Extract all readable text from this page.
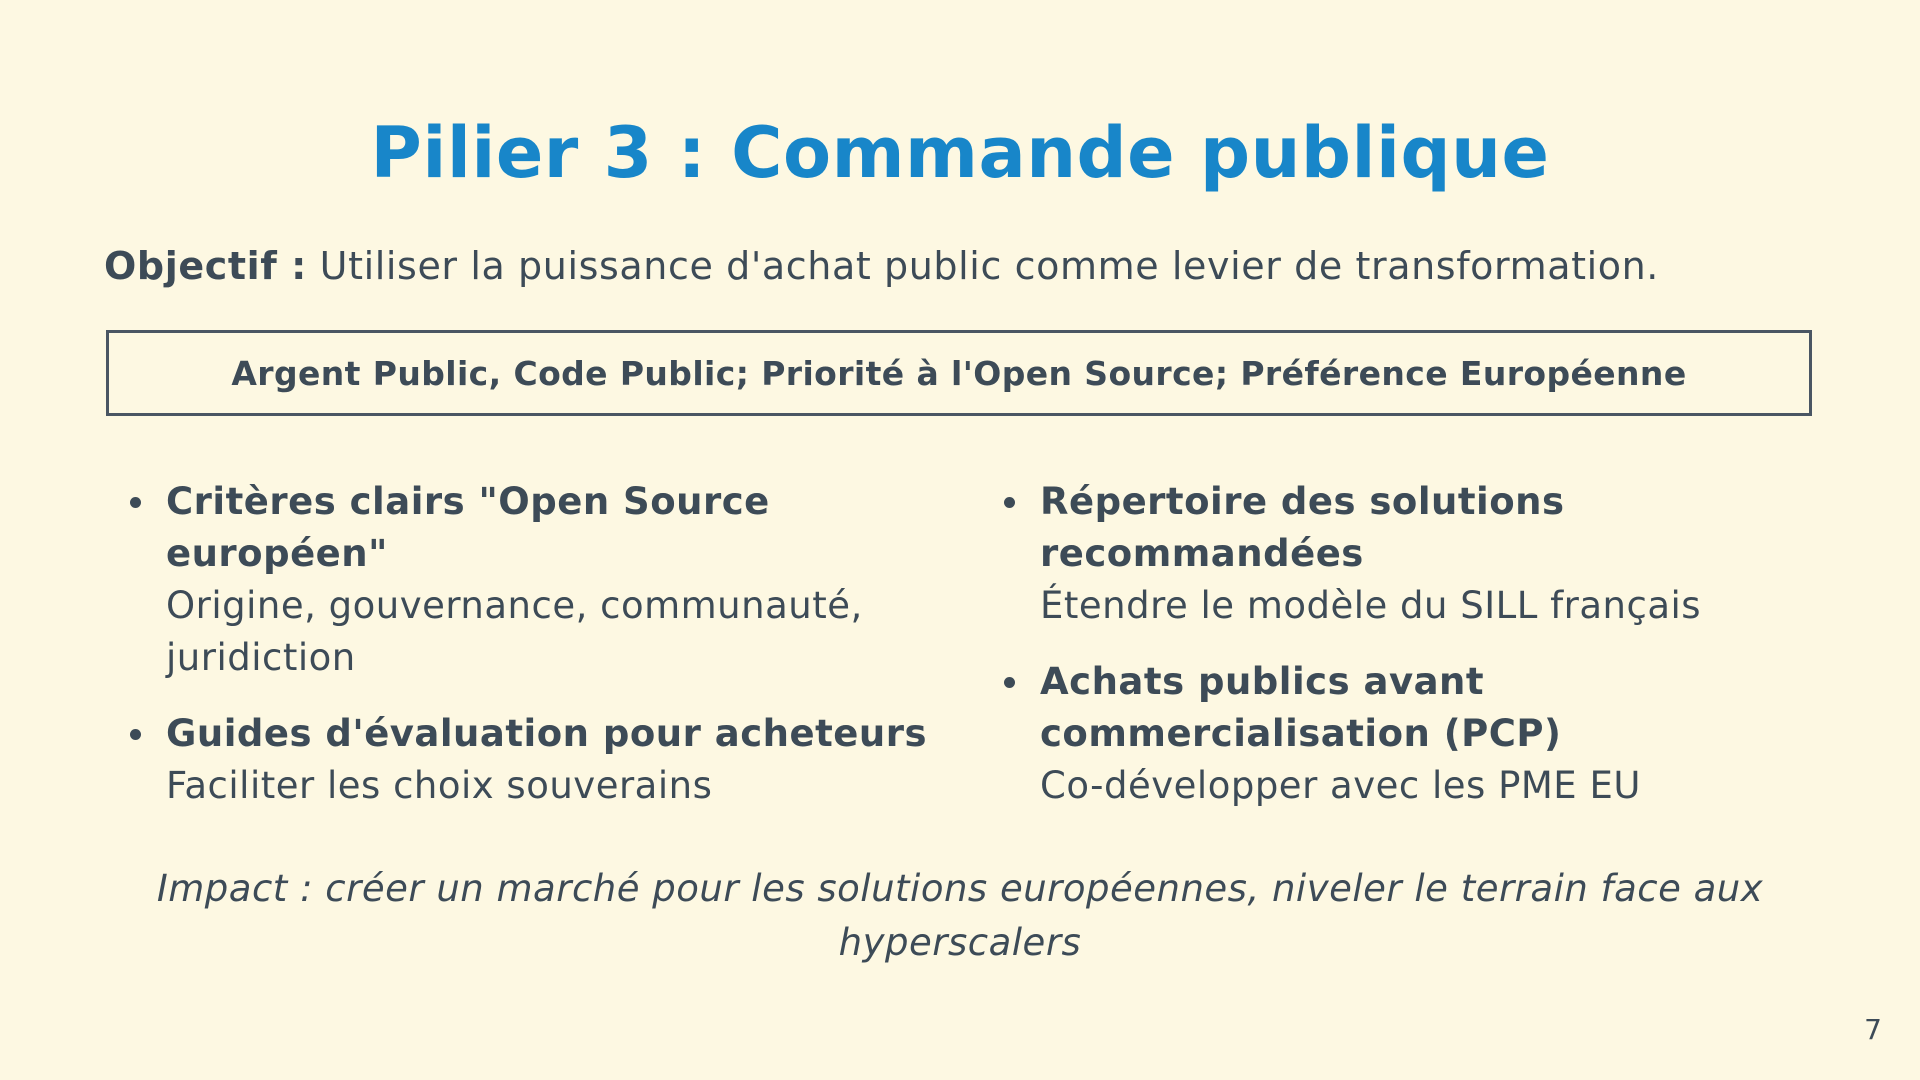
Pilier 3 : Commande publique
Objectif : Utiliser la puissance d'achat public comme levier de transformation.
Argent Public, Code Public; Priorité à l'Open Source; Préférence Européenne
Critères clairs "Open Source européen"
Origine, gouvernance, communauté, juridiction
Guides d'évaluation pour acheteurs
Faciliter les choix souverains
Répertoire des solutions recommandées
Étendre le modèle du SILL français
Achats publics avant commercialisation (PCP)
Co-développer avec les PME EU
Impact : créer un marché pour les solutions européennes, niveler le terrain face aux hyperscalers
7
